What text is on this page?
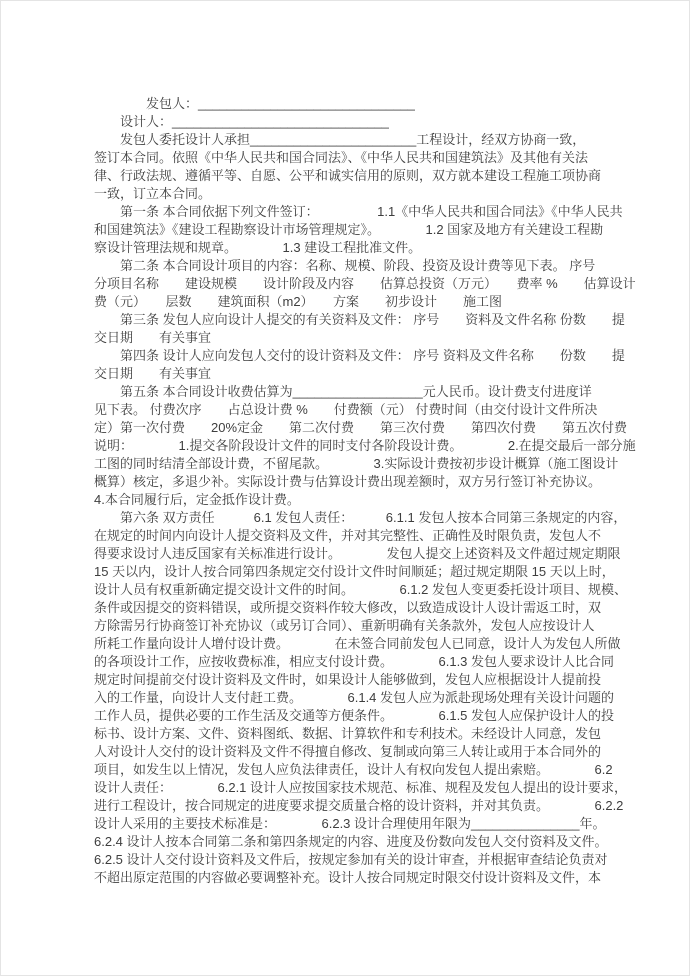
　　　　发包人：______________________________
　　设计人：______________________________
　　发包人委托设计人承担_______________________工程设计，经双方协商一致，
签订本合同。依照《中华人民共和国合同法》、《中华人民共和国建筑法》及其他有关法
律、行政法规、遵循平等、自愿、公平和诚实信用的原则，双方就本建设工程施工项协商
一致，订立本合同。
　　第一条 本合同依据下列文件签订：　　　　　1.1《中华人民共和国合同法》《中华人民共
和国建筑法》《建设工程勘察设计市场管理规定》。　　　　1.2 国家及地方有关建设工程勘
察设计管理法规和规章。　　　　1.3 建设工程批准文件。
　　第二条 本合同设计项目的内容：名称、规模、阶段、投资及设计费等见下表。 序号
分项目名称　　建设规模　　设计阶段及内容　　估算总投资（万元）　　费率 %　　估算设计
费（元）　　层数　　建筑面积（m2）　　方案　　初步设计　　施工图
　　第三条 发包人应向设计人提交的有关资料及文件： 序号　　资料及文件名称 份数　　提
交日期　　有关事宜
　　第四条 设计人应向发包人交付的设计资料及文件： 序号 资料及文件名称　　份数　　提
交日期　　有关事宜
　　第五条 本合同设计收费估算为__________________元人民币。设计费支付进度详
见下表。 付费次序　　占总设计费 %　　付费额（元） 付费时间（由交付设计文件所决
定）第一次付费　　20%定金　　第二次付费　　第三次付费　　第四次付费　　第五次付费
说明：　　　　1.提交各阶段设计文件的同时支付各阶段设计费。　　　　2.在提交最后一部分施
工图的同时结清全部设计费，不留尾款。　　　　3.实际设计费按初步设计概算（施工图设计
概算）核定，多退少补。实际设计费与估算设计费出现差额时，双方另行签订补充协议。
4.本合同履行后，定金抵作设计费。
　　第六条 双方责任　　　6.1 发包人责任：　　　6.1.1 发包人按本合同第三条规定的内容，
在规定的时间内向设计人提交资料及文件，并对其完整性、正确性及时限负责，发包人不
得要求设讨人违反国家有关标准进行设计。　　　　发包人提交上述资料及文件超过规定期限
15 天以内，设计人按合同第四条规定交付设计文件时间顺延；超过规定期限 15 天以上时，
设计人员有权重新确定提交设计文件的时间。　　　　6.1.2 发包人变更委托设计项目、规模、
条件或因提交的资料错误，或所提交资料作较大修改，以致造成设计人设计需返工时，双
方除需另行协商签订补充协议（或另订合同）、重新明确有关条款外，发包人应按设计人
所耗工作量向设计人增付设计费。　　　　在未签合同前发包人已同意，设计人为发包人所做
的各项设计工作，应按收费标准，相应支付设计费。　　　　6.1.3 发包人要求设计人比合同
规定时间提前交付设计资料及文件时，如果设计人能够做到，发包人应根据设计人提前投
入的工作量，向设计人支付赶工费。　　　　6.1.4 发包人应为派赴现场处理有关设计问题的
工作人员，提供必要的工作生活及交通等方便条件。　　　　6.1.5 发包人应保护设计人的投
标书、设计方案、文件、资料图纸、数据、计算软件和专利技术。未经设计人同意，发包
人对设计人交付的设计资料及文件不得擅自修改、复制或向第三人转让或用于本合同外的
项目，如发生以上情况，发包人应负法律责任，设计人有权向发包人提出索赔。　　　　6.2
设计人责任：　　　　6.2.1 设计人应按国家技术规范、标准、规程及发包人提出的设计要求，
进行工程设计，按合同规定的进度要求提交质量合格的设计资料，并对其负责。　　　　6.2.2
设计人采用的主要技术标准是：　　　　6.2.3 设计合理使用年限为_______________年。
6.2.4 设计人按本合同第二条和第四条规定的内容、进度及份数向发包人交付资料及文件。
6.2.5 设计人交付设计资料及文件后，按规定参加有关的设计审查，并根据审查结论负责对
不超出原定范围的内容做必要调整补充。设计人按合同规定时限交付设计资料及文件，本
